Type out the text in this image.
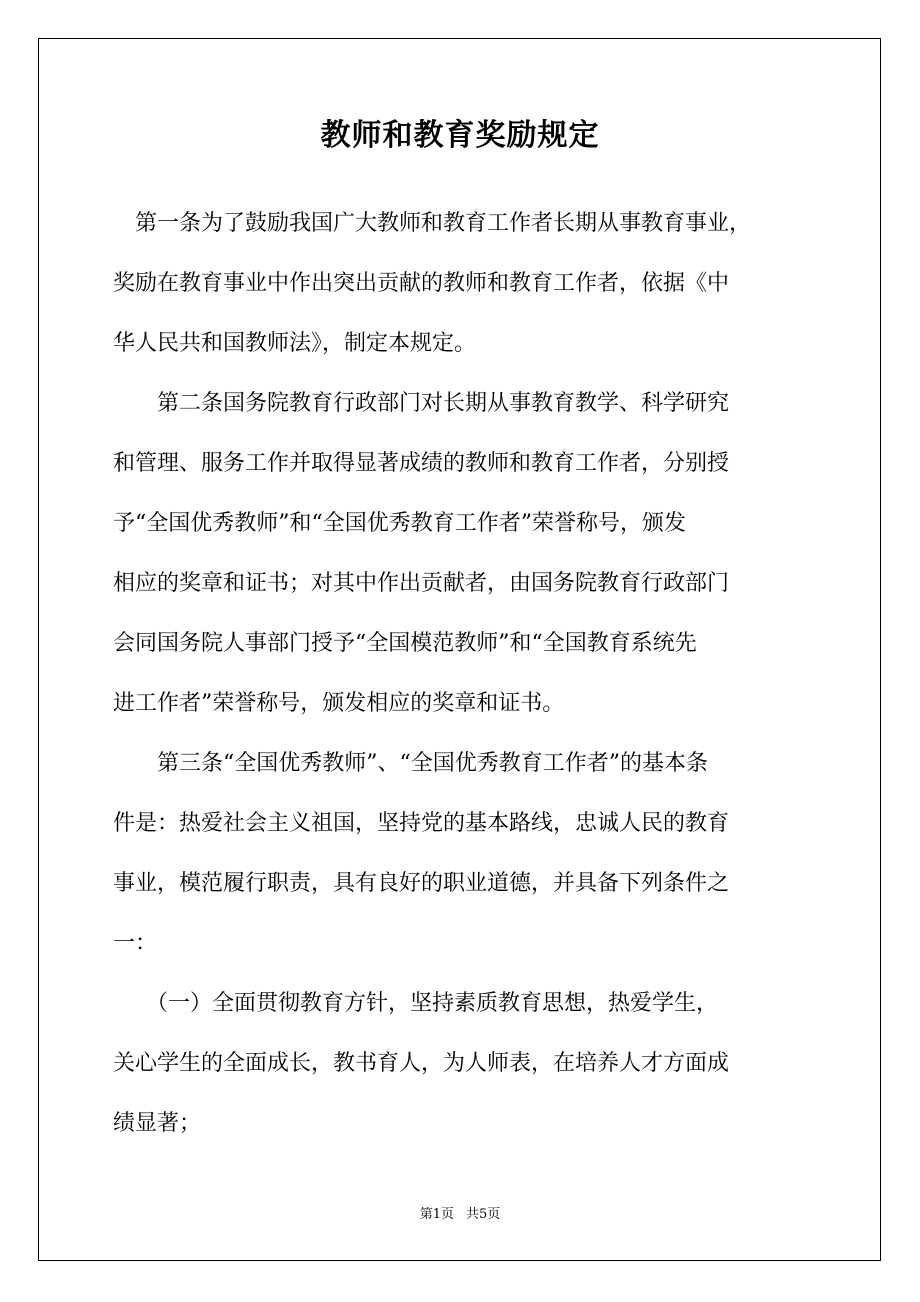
教师和教育奖励规定
　第一条为了鼓励我国广大教师和教育工作者长期从事教育事业，
奖励在教育事业中作出突出贡献的教师和教育工作者，依据《中
华人民共和国教师法》，制定本规定。
　　第二条国务院教育行政部门对长期从事教育教学、科学研究
和管理、服务工作并取得显著成绩的教师和教育工作者，分别授
予“全国优秀教师”和“全国优秀教育工作者”荣誉称号，颁发
相应的奖章和证书；对其中作出贡献者，由国务院教育行政部门
会同国务院人事部门授予“全国模范教师”和“全国教育系统先
进工作者”荣誉称号，颁发相应的奖章和证书。
　　第三条“全国优秀教师”、“全国优秀教育工作者”的基本条
件是：热爱社会主义祖国，坚持党的基本路线，忠诚人民的教育
事业，模范履行职责，具有良好的职业道德，并具备下列条件之
一：
　　（一）全面贯彻教育方针，坚持素质教育思想，热爱学生，
关心学生的全面成长，教书育人，为人师表，在培养人才方面成
绩显著；
第1页 共5页
